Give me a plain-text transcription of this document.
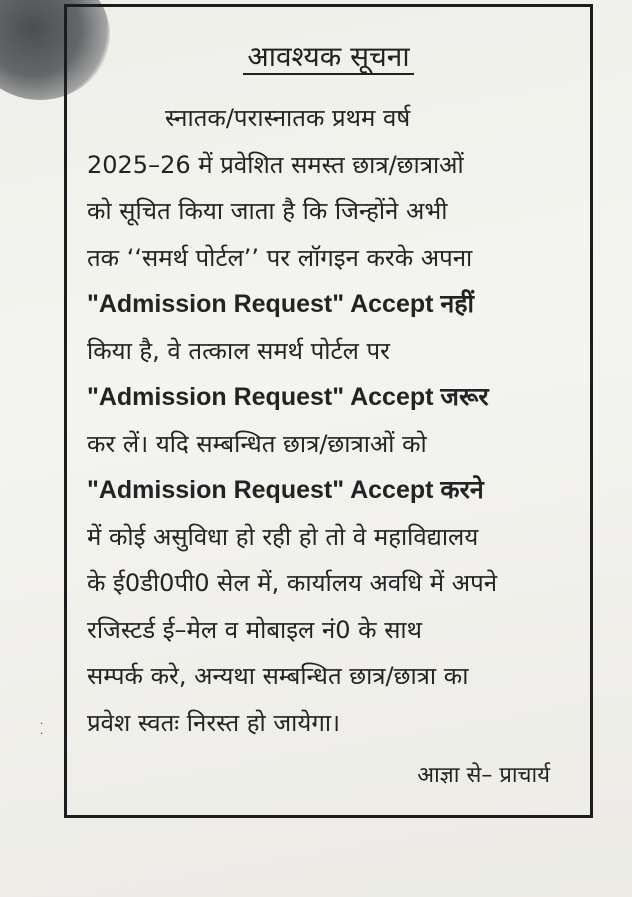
·
·
आवश्यक सूचना
स्नातक/परास्नातक प्रथम वर्ष
2025–26 में प्रवेशित समस्त छात्र/छात्राओं
को सूचित किया जाता है कि जिन्होंने अभी
तक ‘‘समर्थ पोर्टल’’ पर लॉगइन करके अपना
"Admission Request" Accept नहीं
किया है, वे तत्काल समर्थ पोर्टल पर
"Admission Request" Accept जरूर
कर लें। यदि सम्बन्धित छात्र/छात्राओं को
"Admission Request" Accept करने
में कोई असुविधा हो रही हो तो वे महाविद्यालय
के ई0डी0पी0 सेल में, कार्यालय अवधि में अपने
रजिस्टर्ड ई–मेल व मोबाइल नं0 के साथ
सम्पर्क करे, अन्यथा सम्बन्धित छात्र/छात्रा का
प्रवेश स्वतः निरस्त हो जायेगा।
आज्ञा से– प्राचार्य
